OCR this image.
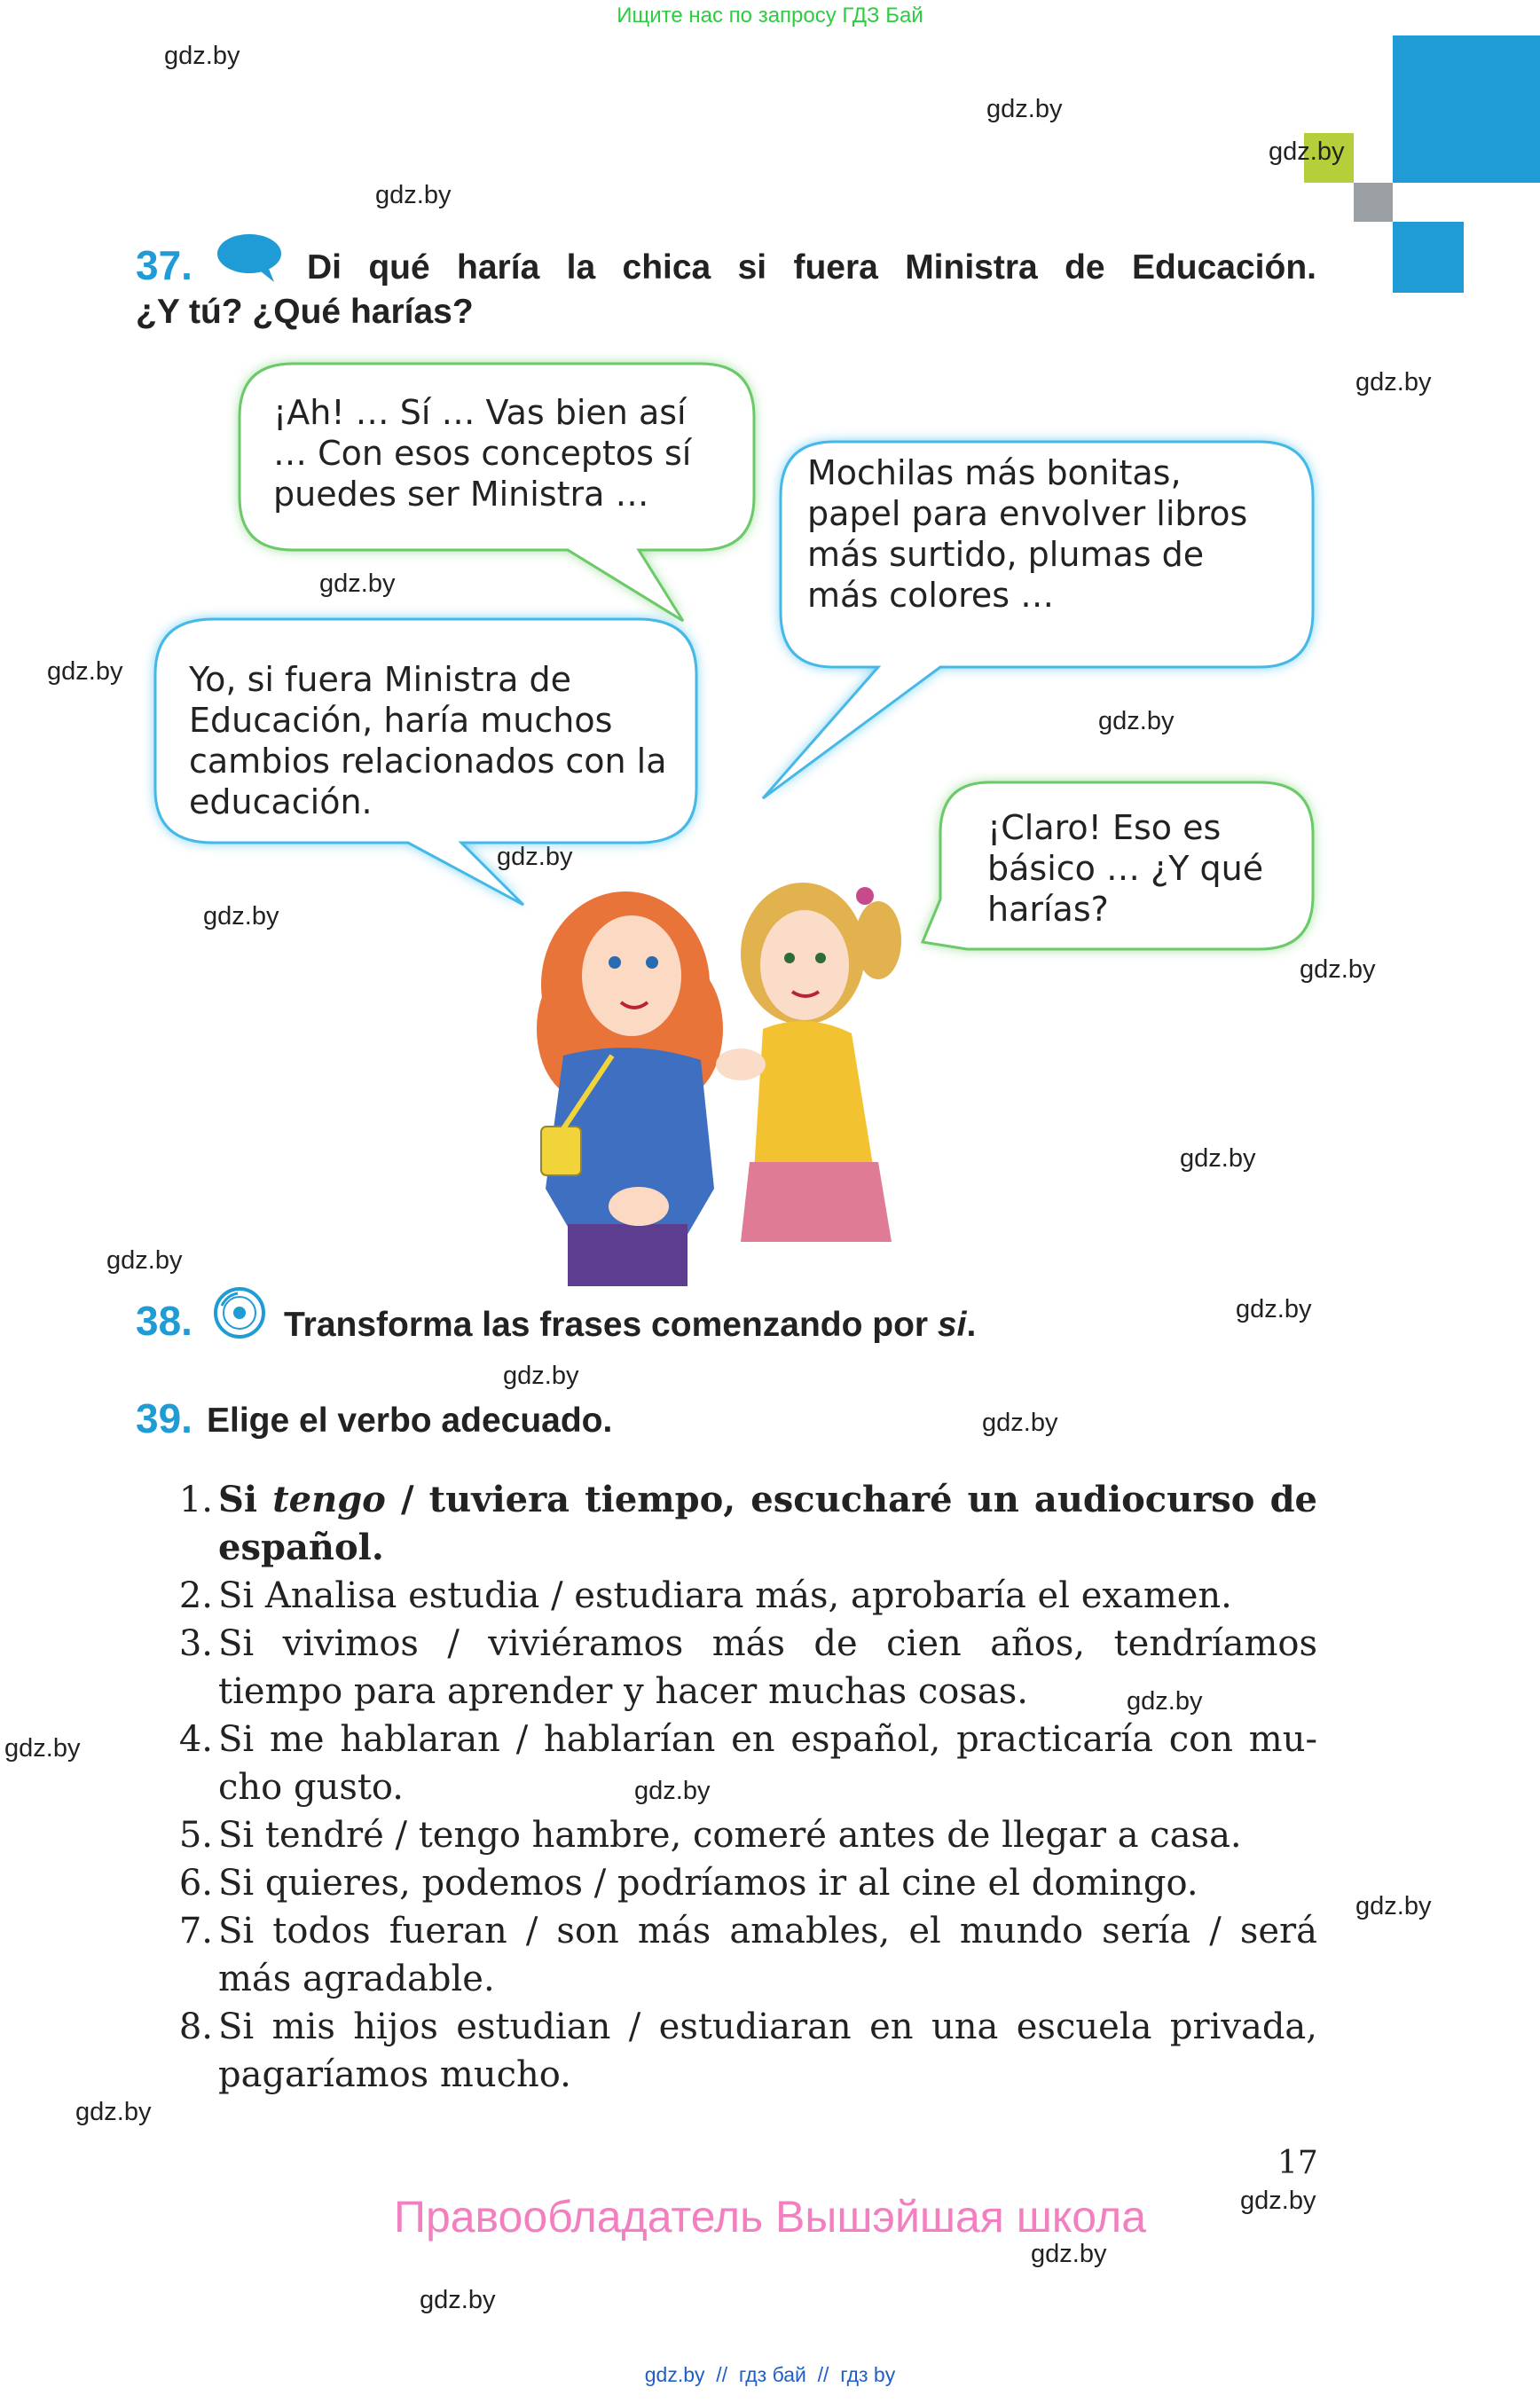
Ищите нас по запросу ГДЗ Бай
gdz.by
gdz.by
gdz.by
gdz.by
gdz.by
gdz.by
gdz.by
gdz.by
gdz.by
gdz.by
gdz.by
gdz.by
gdz.by
gdz.by
gdz.by
gdz.by
gdz.by
gdz.by
gdz.by
gdz.by
gdz.by
gdz.by
gdz.by
gdz.by
37.	Di qué haría la chica si fuera Ministra de Educación.
¿Y tú? ¿Qué harías?
¡Ah! … Sí … Vas bien así
… Con esos conceptos sí
puedes ser Ministra …
Mochilas más bonitas,
papel para envolver libros
más surtido, plumas de
más colores …
Yo, si fuera Ministra de
Educación, haría muchos
cambios relacionados con la
educación.
¡Claro! Eso es
básico … ¿Y qué
harías?
38.	Transforma las frases comenzando por si.
39. Elige el verbo adecuado.
1. Si tengo / tuviera tiempo, escucharé un audiocurso de
español.
2. Si Analisa estudia / estudiara más, aprobaría el examen.
3. Si vivimos / viviéramos más de cien años, tendríamos
tiempo para aprender y hacer muchas cosas.
4. Si me hablaran / hablarían en español, practicaría con mu-
cho gusto.
5. Si tendré / tengo hambre, comeré antes de llegar a casa.
6. Si quieres, podemos / podríamos ir al cine el domingo.
7. Si todos fueran / son más amables, el mundo sería / será
más agradable.
8. Si mis hijos estudian / estudiaran en una escuela privada,
pagaríamos mucho.
17
Правообладатель Вышэйшая школа
gdz.by  //  гдз бай  //  гдз by
